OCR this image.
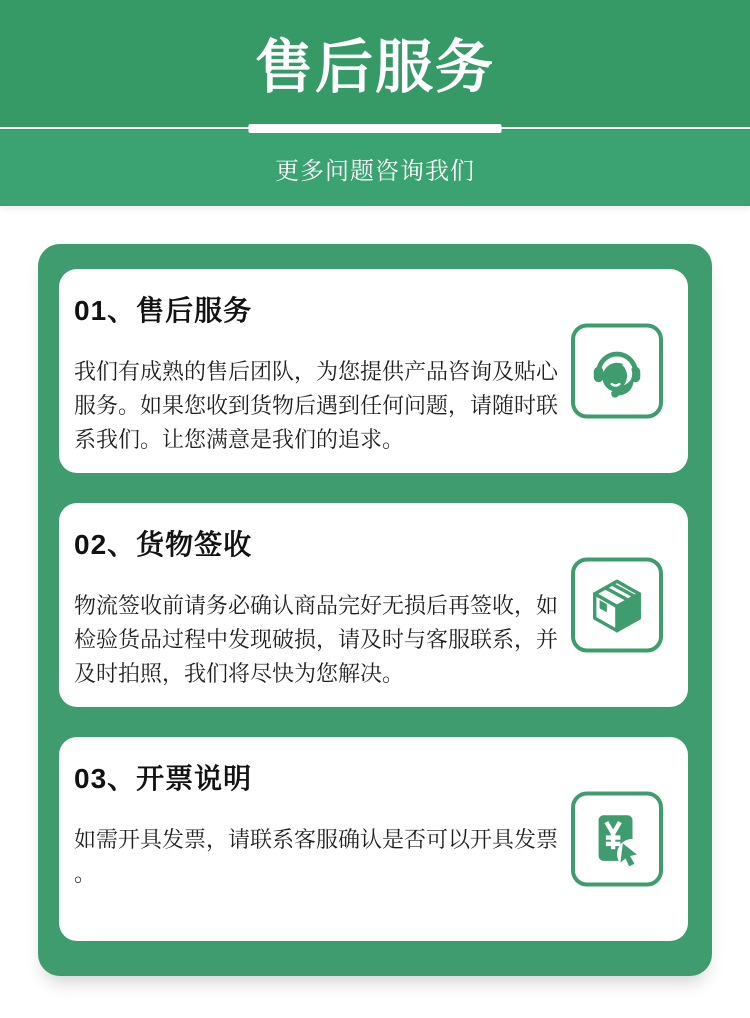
售后服务

更多问题咨询我们

01、售后服务

我们有成熟的售后团队，为您提供产品咨询及贴心服务。如果您收到货物后遇到任何问题，请随时联系我们。让您满意是我们的追求。

02、货物签收

物流签收前请务必确认商品完好无损后再签收，如检验货品过程中发现破损，请及时与客服联系，并及时拍照，我们将尽快为您解决。

03、开票说明

如需开具发票，请联系客服确认是否可以开具发票。
